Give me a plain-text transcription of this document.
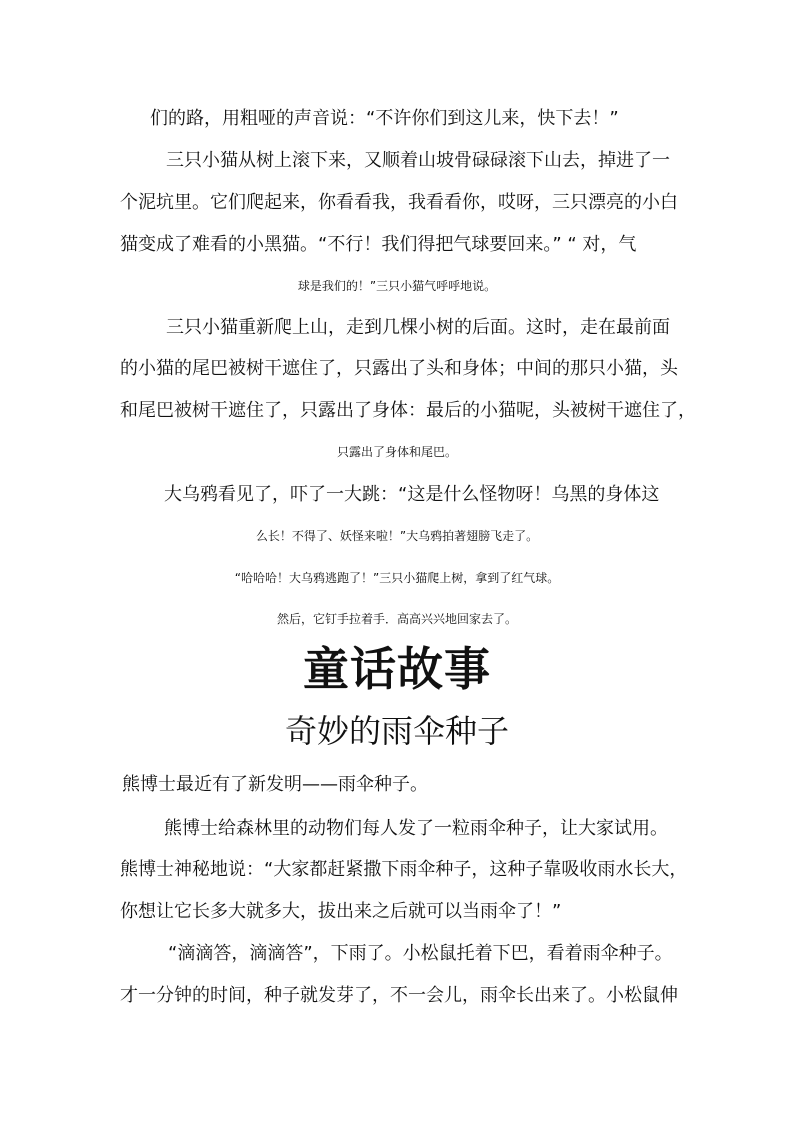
们的路，用粗哑的声音说：“不许你们到这儿来，快下去！”
三只小猫从树上滚下来，又顺着山坡骨碌碌滚下山去，掉进了一
个泥坑里。它们爬起来，你看看我，我看看你，哎呀，三只漂亮的小白
猫变成了难看的小黑猫。“不行！我们得把气球要回来。” “ 对，气
球是我们的！”三只小猫气呼呼地说。
三只小猫重新爬上山，走到几棵小树的后面。这时，走在最前面
的小猫的尾巴被树干遮住了，只露出了头和身体；中间的那只小猫，头
和尾巴被树干遮住了，只露出了身体：最后的小猫呢，头被树干遮住了，
只露出了身体和尾巴。
大乌鸦看见了，吓了一大跳：“这是什么怪物呀！乌黑的身体这
么长！不得了、妖怪来啦！”大乌鸦拍著翅膀飞走了。
“哈哈哈！大乌鸦逃跑了！”三只小猫爬上树，拿到了红气球。
然后，它钉手拉着手．高高兴兴地回家去了。
童话故事
奇妙的雨伞种子
熊博士最近有了新发明——雨伞种子。
熊博士给森林里的动物们每人发了一粒雨伞种子，让大家试用。
熊博士神秘地说：“大家都赶紧撒下雨伞种子，这种子靠吸收雨水长大，
你想让它长多大就多大，拔出来之后就可以当雨伞了！”
“滴滴答，滴滴答”，下雨了。小松鼠托着下巴，看着雨伞种子。
才一分钟的时间，种子就发芽了，不一会儿，雨伞长出来了。小松鼠伸
